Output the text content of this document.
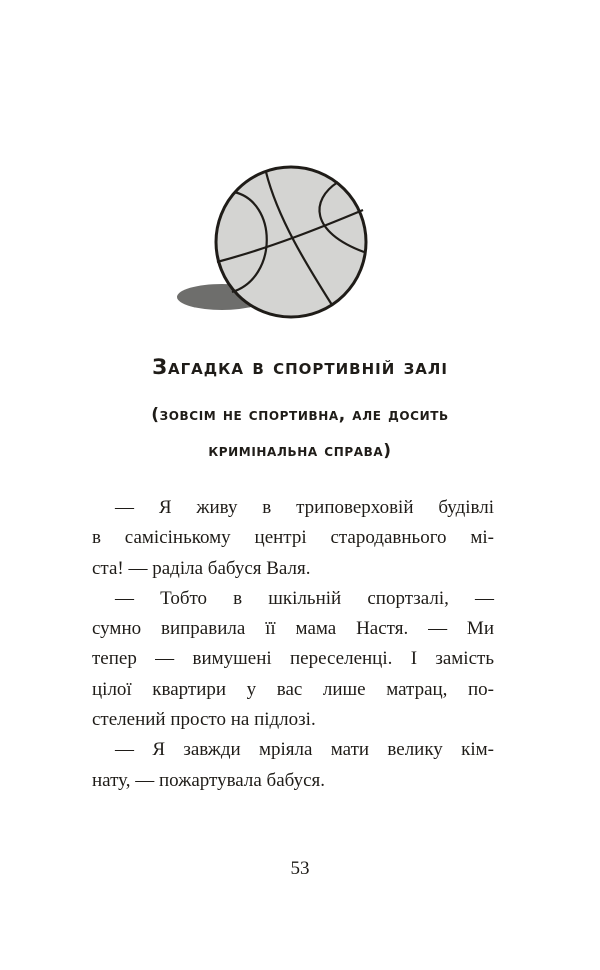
Загадка в спортивній залі
(зовсім не спортивна, але досить
кримінальна справа)
— Я живу в триповерховій будівлі
в самісінькому центрі стародавнього мі-
ста! — раділа бабуся Валя.
— Тобто в шкільній спортзалі, —
сумно виправила її мама Настя. — Ми
тепер — вимушені переселенці. І замість
цілої квартири у вас лише матрац, по-
стелений просто на підлозі.
— Я завжди мріяла мати велику кім-
нату, — пожартувала бабуся.
53
